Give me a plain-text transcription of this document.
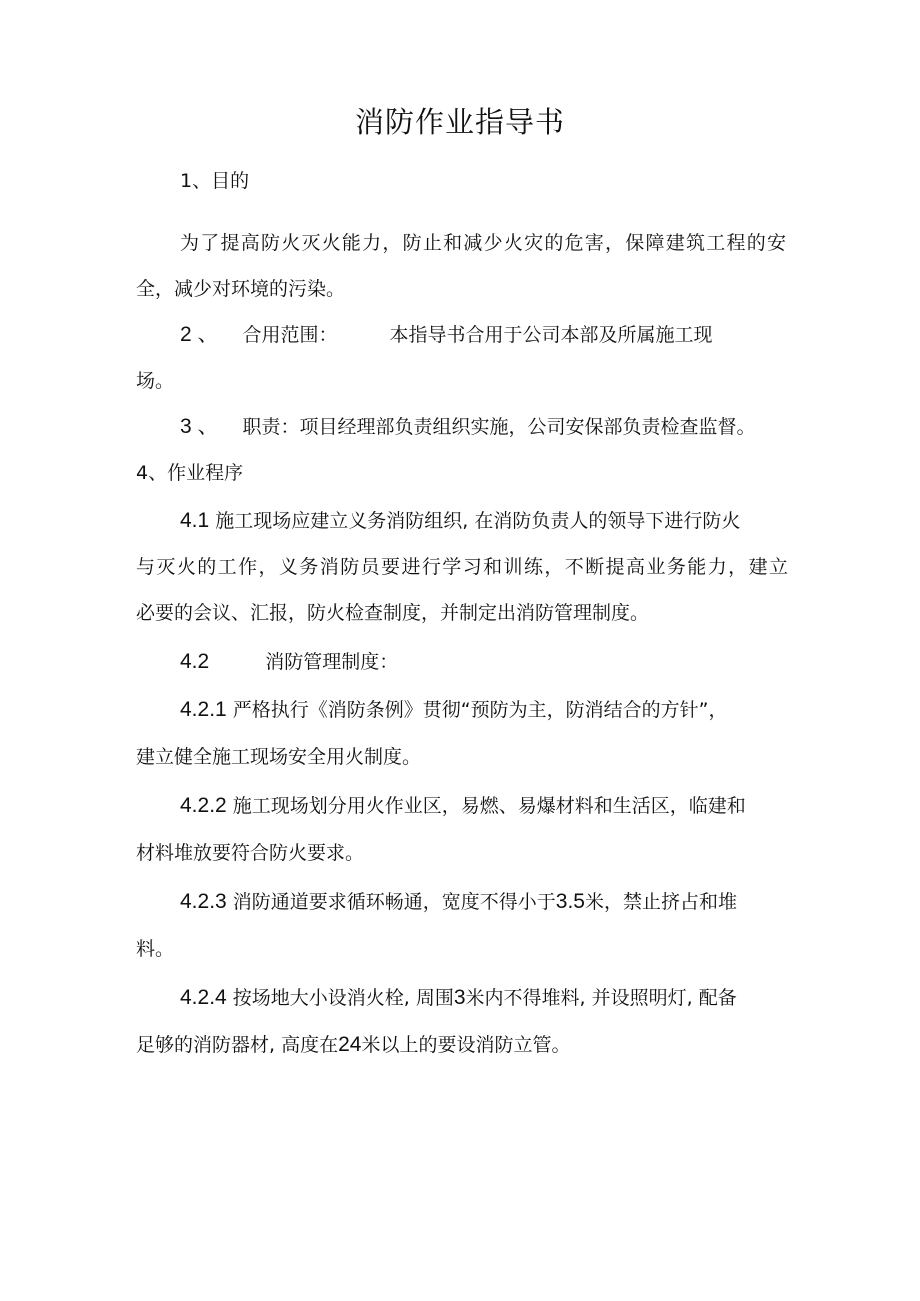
消防作业指导书
1、目的
为了提高防火灭火能力，防止和减少火灾的危害，保障建筑工程的安
全，减少对环境的污染。
2 、 合用范围：	本指导书合用于公司本部及所属施工现
场。
3 、 职责：项目经理部负责组织实施，公司安保部负责检查监督。
4、作业程序
4.1 施工现场应建立义务消防组织, 在消防负责人的领导下进行防火
与灭火的工作，义务消防员要进行学习和训练，不断提高业务能力，建立
必要的会议、汇报，防火检查制度，并制定出消防管理制度。
4.2	消防管理制度：
4.2.1 严格执行《消防条例》贯彻“预防为主，防消结合的方针”，
建立健全施工现场安全用火制度。
4.2.2 施工现场划分用火作业区，易燃、易爆材料和生活区，临建和
材料堆放要符合防火要求。
4.2.3 消防通道要求循环畅通，宽度不得小于3.5米，禁止挤占和堆
料。
4.2.4 按场地大小设消火栓, 周围3米内不得堆料, 并设照明灯, 配备
足够的消防器材, 高度在24米以上的要设消防立管。
